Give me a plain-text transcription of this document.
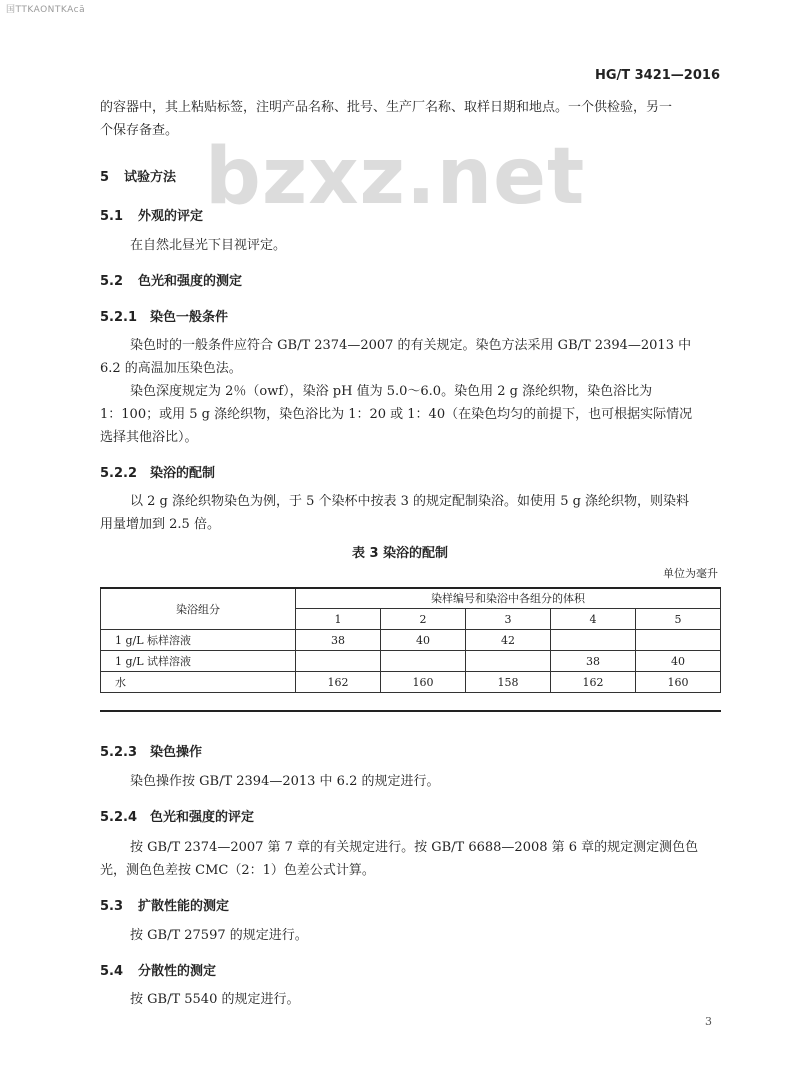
国TTKAONTKAcā
HG/T 3421—2016
bzxz.net
的容器中，其上粘贴标签，注明产品名称、批号、生产厂名称、取样日期和地点。一个供检验，另一
个保存备查。
5 试验方法
5.1 外观的评定
在自然北昼光下目视评定。
5.2 色光和强度的测定
5.2.1 染色一般条件
染色时的一般条件应符合 GB/T 2374—2007 的有关规定。染色方法采用 GB/T 2394—2013 中
6.2 的高温加压染色法。
染色深度规定为 2％（owf），染浴 pH 值为 5.0～6.0。染色用 2 g 涤纶织物，染色浴比为
1：100；或用 5 g 涤纶织物，染色浴比为 1：20 或 1：40（在染色均匀的前提下，也可根据实际情况
选择其他浴比）。
5.2.2 染浴的配制
以 2 g 涤纶织物染色为例，于 5 个染杯中按表 3 的规定配制染浴。如使用 5 g 涤纶织物，则染料
用量增加到 2.5 倍。
表 3 染浴的配制
单位为毫升
染浴组分	染样编号和染浴中各组分的体积				
	1	2	3	4	5
1 g/L 标样溶液	38	40	42		
1 g/L 试样溶液				38	40
水	162	160	158	162	160
5.2.3 染色操作
染色操作按 GB/T 2394—2013 中 6.2 的规定进行。
5.2.4 色光和强度的评定
按 GB/T 2374—2007 第 7 章的有关规定进行。按 GB/T 6688—2008 第 6 章的规定测定测色色
光，测色色差按 CMC（2：1）色差公式计算。
5.3 扩散性能的测定
按 GB/T 27597 的规定进行。
5.4 分散性的测定
按 GB/T 5540 的规定进行。
3
